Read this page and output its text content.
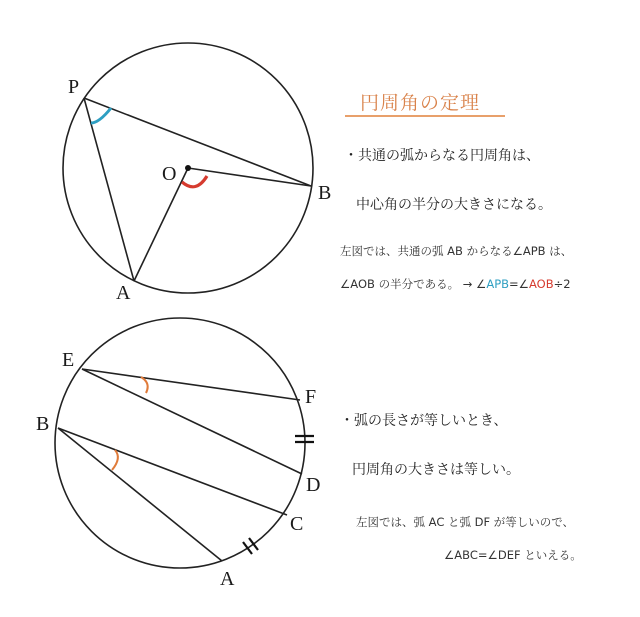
P
O
B
A
E
F
B
D
C
A
円周角の定理
・共通の弧からなる円周角は、
中心角の半分の大きさになる。
左図では、共通の弧 AB からなる∠APB は、
∠AOB の半分である。 → ∠APB=∠AOB÷2
・弧の長さが等しいとき、
円周角の大きさは等しい。
左図では、弧 AC と弧 DF が等しいので、
∠ABC=∠DEF といえる。
